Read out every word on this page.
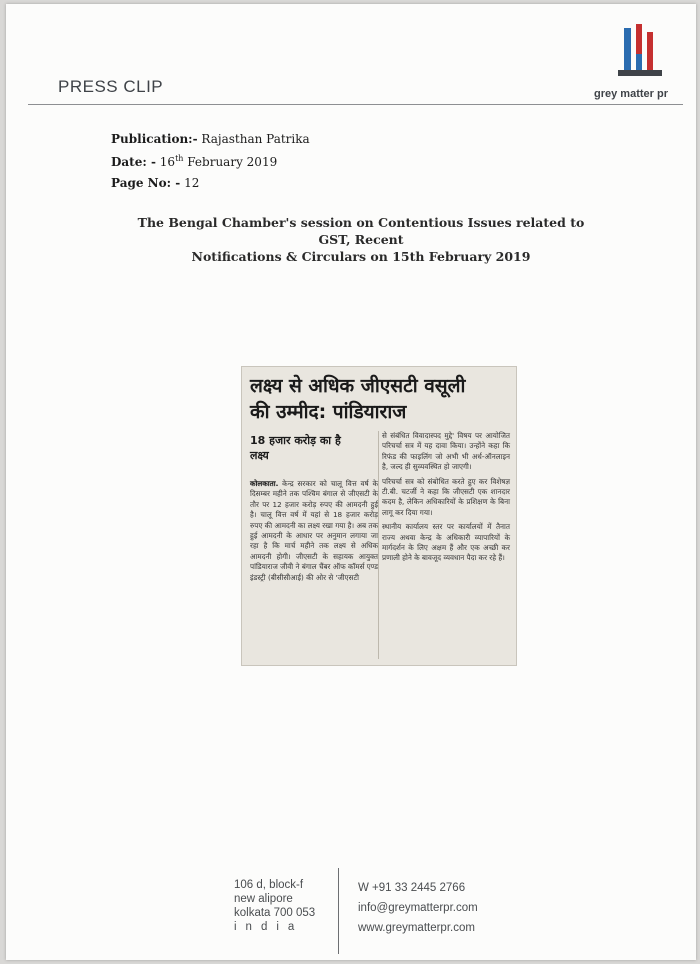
PRESS CLIP	grey matter pr
Publication:- Rajasthan Patrika
Date: - 16th February 2019
Page No: - 12
The Bengal Chamber's session on Contentious Issues related to GST, Recent
Notifications & Circulars on 15th February 2019
लक्ष्य से अधिक जीएसटी वसूली
की उम्मीद: पांडियाराज
18 हजार करोड़ का है
लक्ष्य

कोलकाता. केन्द्र सरकार को चालू वित्त वर्ष के दिसम्बर महीने तक पश्चिम बंगाल से जीएसटी के तौर पर 12 हजार करोड़ रुपए की आमदनी हुई है। चालू वित्त वर्ष में यहां से 18 हजार करोड़ रुपए की आमदनी का लक्ष्य रखा गया है। अब तक हुई आमदनी के आधार पर अनुमान लगाया जा रहा है कि मार्च महीने तक लक्ष्य से अधिक आमदनी होगी। जीएसटी के सहायक आयुक्त पांडियाराज जीवी ने बंगाल चैंबर ऑफ कॉमर्स एण्ड इंडस्ट्री (बीसीसीआई) की ओर से 'जीएसटी

से संबंधित विवादास्पद मुद्दे' विषय पर आयोजित परिचर्चा सत्र में यह दावा किया। उन्होंने कहा कि रिफंड की फाइलिंग जो अभी भी अर्ध-ऑनलाइन है, जल्द ही सुव्यवस्थित हो जाएगी।

परिचर्चा सत्र को संबोधित करते हुए कर विशेषज्ञ टी.बी. चटर्जी ने कहा कि जीएसटी एक शानदार कदम है, लेकिन अधिकारियों के प्रशिक्षण के बिना लागू कर दिया गया।

स्थानीय कार्यालय स्तर पर कार्यालयों में तैनात राज्य अथवा केन्द्र के अधिकारी व्यापारियों के मार्गदर्शन के लिए अक्षम हैं और एक अच्छी कर प्रणाली होने के बावजूद व्यवधान पैदा कर रहे हैं।

106 d, block-f
new alipore
kolkata 700 053
india
W +91 33 2445 2766
info@greymatterpr.com
www.greymatterpr.com
